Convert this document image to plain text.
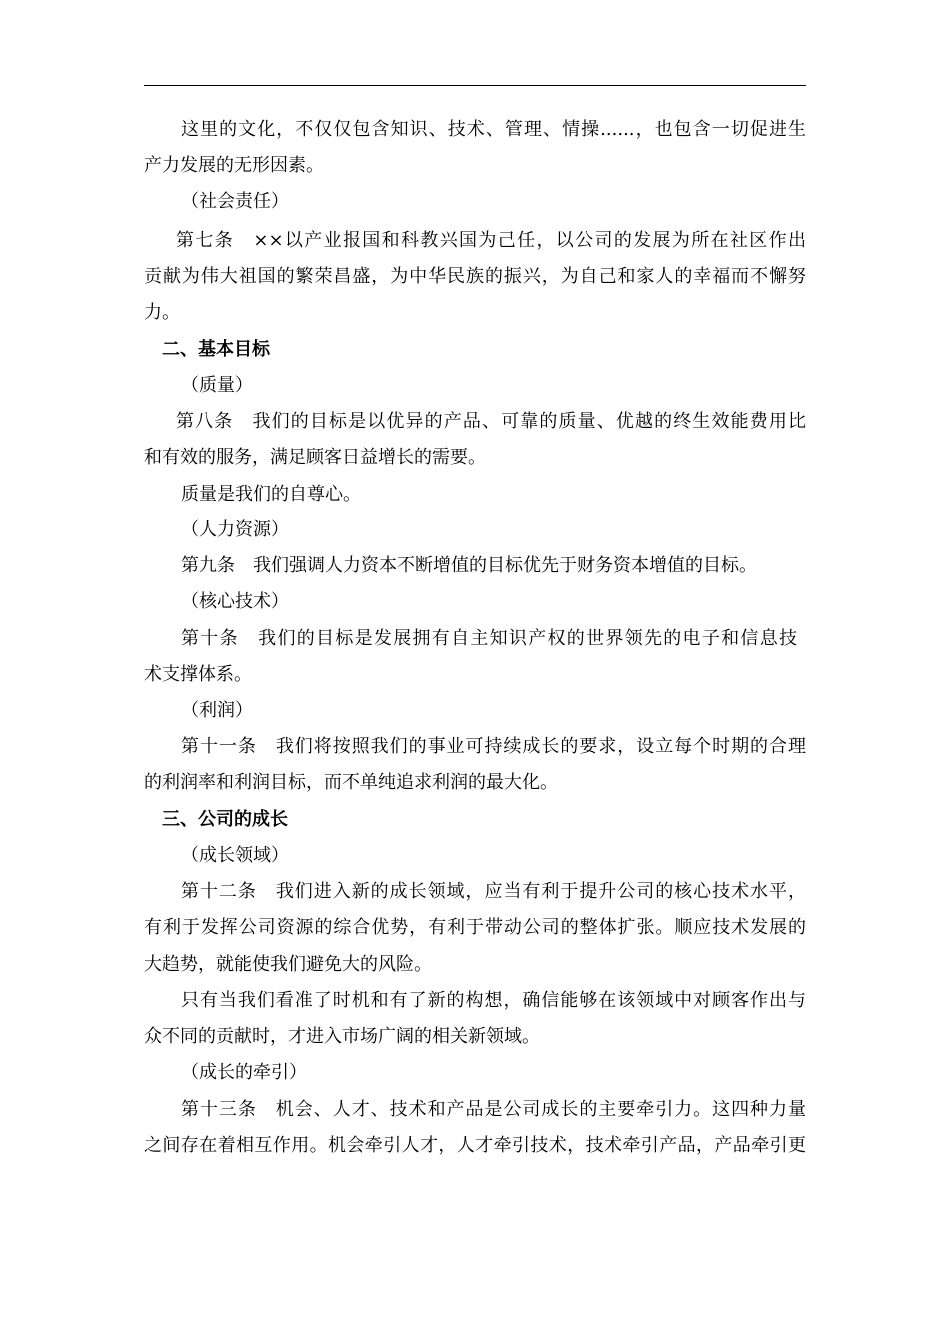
这里的文化，不仅仅包含知识、技术、管理、情操......，也包含一切促进生
产力发展的无形因素。
（社会责任）
第七条　××以产业报国和科教兴国为己任，以公司的发展为所在社区作出
贡献为伟大祖国的繁荣昌盛，为中华民族的振兴，为自己和家人的幸福而不懈努
力。
二、基本目标
（质量）
第八条　我们的目标是以优异的产品、可靠的质量、优越的终生效能费用比
和有效的服务，满足顾客日益增长的需要。
质量是我们的自尊心。
（人力资源）
第九条　我们强调人力资本不断增值的目标优先于财务资本增值的目标。
（核心技术）
第十条　我们的目标是发展拥有自主知识产权的世界领先的电子和信息技
术支撑体系。
（利润）
第十一条　我们将按照我们的事业可持续成长的要求，设立每个时期的合理
的利润率和利润目标，而不单纯追求利润的最大化。
三、公司的成长
（成长领域）
第十二条　我们进入新的成长领域，应当有利于提升公司的核心技术水平，
有利于发挥公司资源的综合优势，有利于带动公司的整体扩张。顺应技术发展的
大趋势，就能使我们避免大的风险。
只有当我们看准了时机和有了新的构想，确信能够在该领域中对顾客作出与
众不同的贡献时，才进入市场广阔的相关新领域。
（成长的牵引）
第十三条　机会、人才、技术和产品是公司成长的主要牵引力。这四种力量
之间存在着相互作用。机会牵引人才，人才牵引技术，技术牵引产品，产品牵引更
